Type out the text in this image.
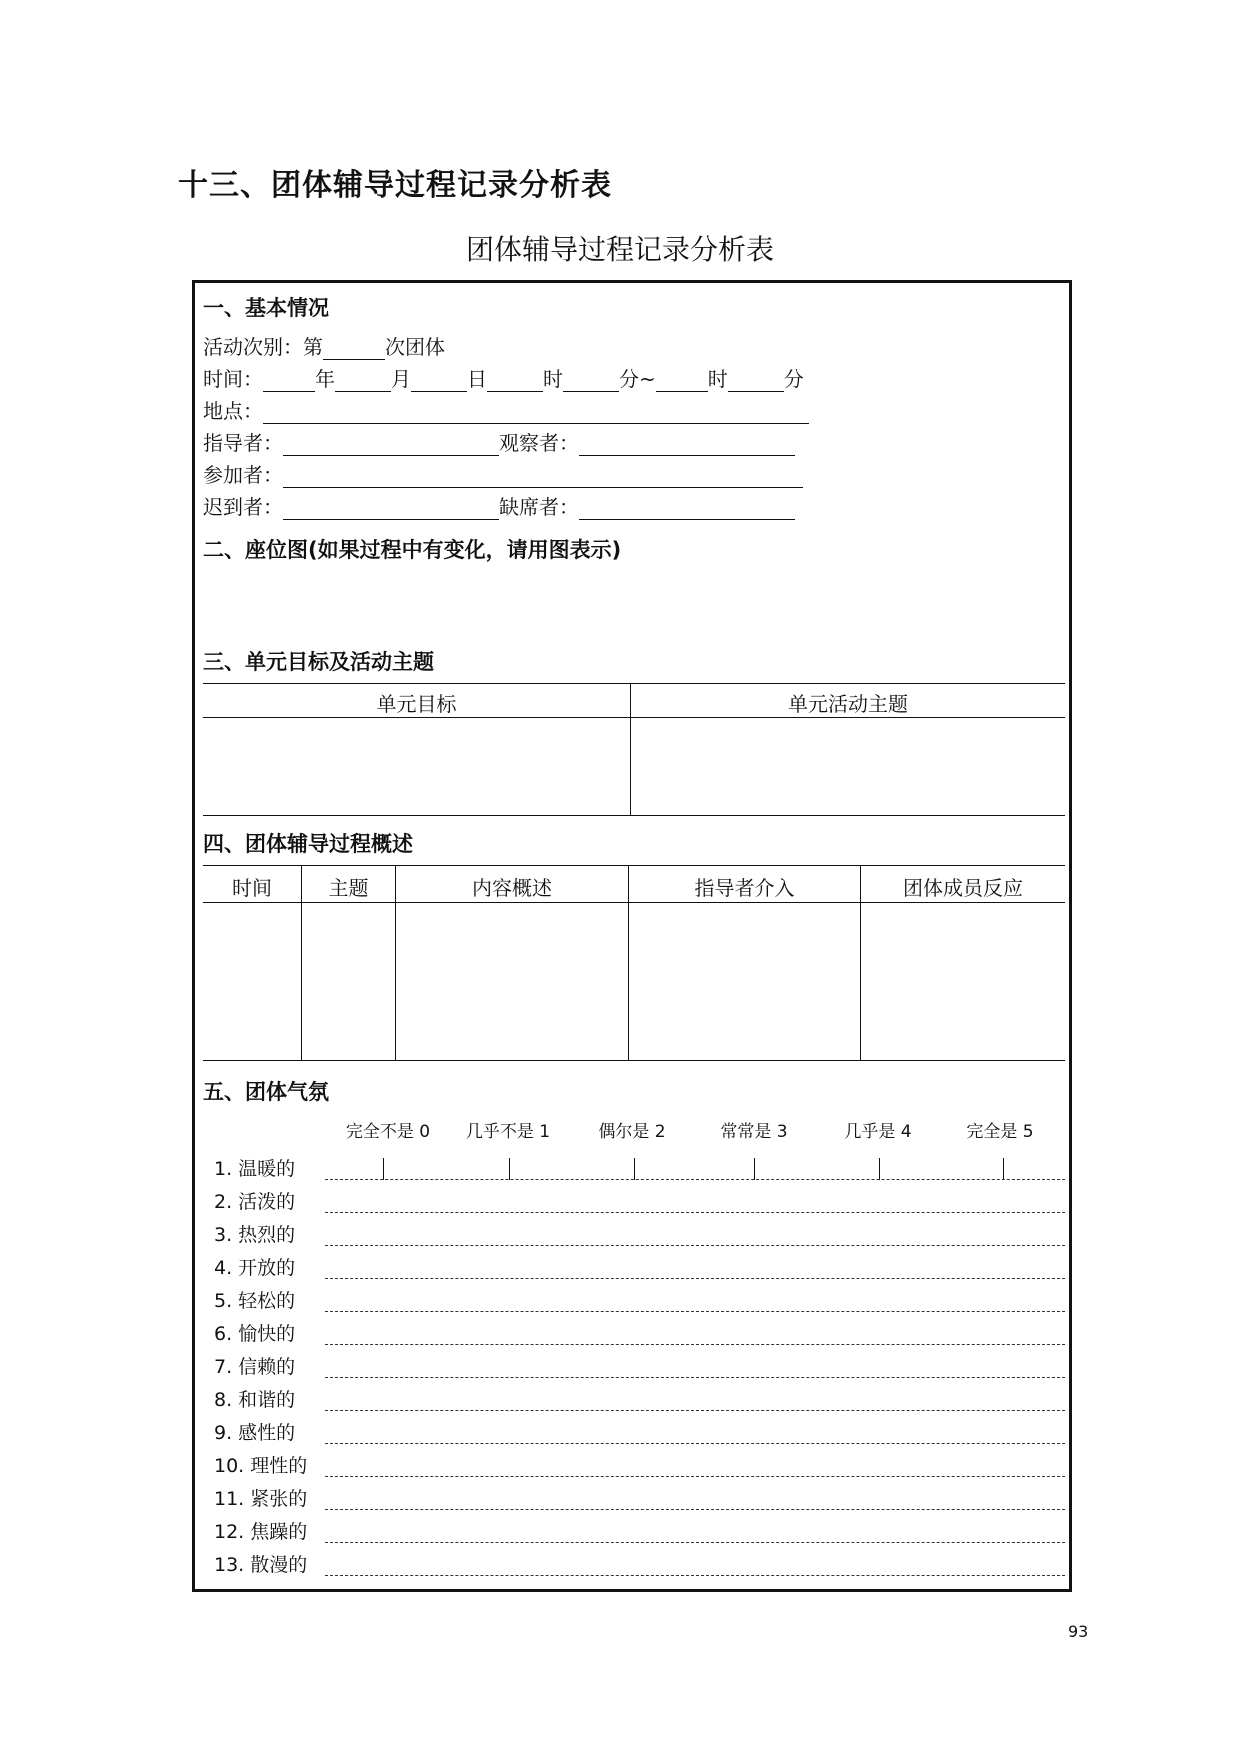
十三、团体辅导过程记录分析表
团体辅导过程记录分析表
一、基本情况
活动次别：第	次团体
时间：	年	月	日	时	分~	时	分
地点：
指导者：	观察者：
参加者：
迟到者：	缺席者：
二、座位图(如果过程中有变化，请用图表示)
三、单元目标及活动主题
单元目标	单元活动主题
四、团体辅导过程概述
时间	主题	内容概述	指导者介入	团体成员反应
五、团体气氛
完全不是 0	几乎不是 1	偶尔是 2	常常是 3	几乎是 4	完全是 5
1. 温暖的
2. 活泼的
3. 热烈的
4. 开放的
5. 轻松的
6. 愉快的
7. 信赖的
8. 和谐的
9. 感性的
10. 理性的
11. 紧张的
12. 焦躁的
13. 散漫的
93
